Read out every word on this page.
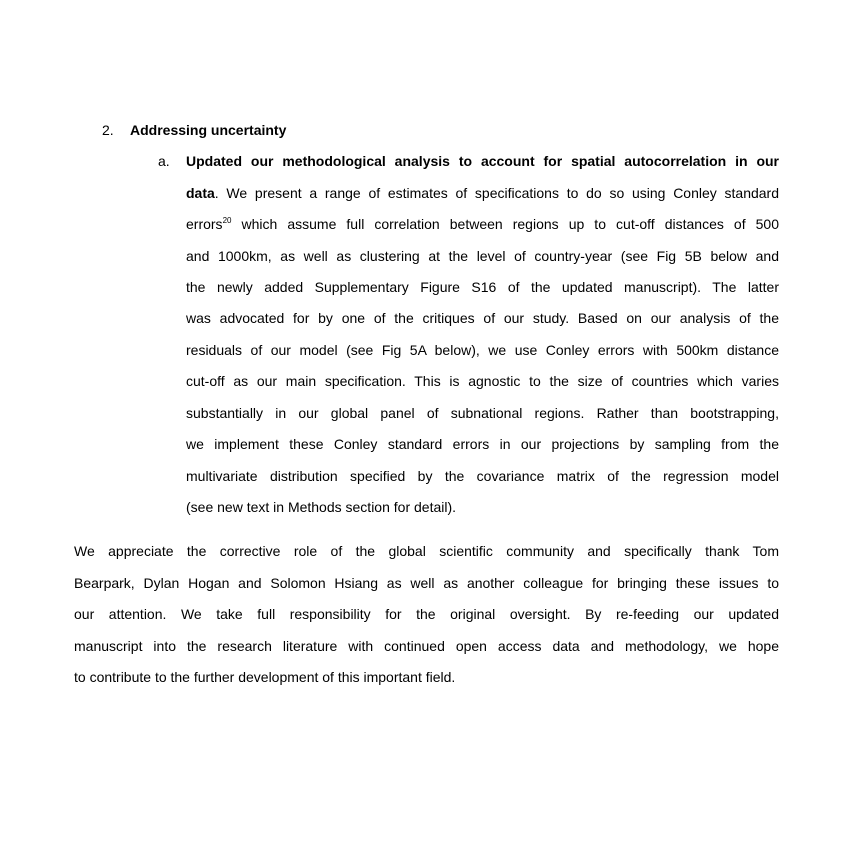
2. Addressing uncertainty
a. Updated our methodological analysis to account for spatial autocorrelation in our
data. We present a range of estimates of specifications to do so using Conley standard
errors$^{20}$ which assume full correlation between regions up to cut-off distances of 500
and 1000km, as well as clustering at the level of country-year (see Fig 5B below and
the newly added Supplementary Figure S16 of the updated manuscript). The latter
was advocated for by one of the critiques of our study. Based on our analysis of the
residuals of our model (see Fig 5A below), we use Conley errors with 500km distance
cut-off as our main specification. This is agnostic to the size of countries which varies
substantially in our global panel of subnational regions. Rather than bootstrapping,
we implement these Conley standard errors in our projections by sampling from the
multivariate distribution specified by the covariance matrix of the regression model
(see new text in Methods section for detail).
We appreciate the corrective role of the global scientific community and specifically thank Tom
Bearpark, Dylan Hogan and Solomon Hsiang as well as another colleague for bringing these issues to
our attention. We take full responsibility for the original oversight. By re-feeding our updated
manuscript into the research literature with continued open access data and methodology, we hope
to contribute to the further development of this important field.
